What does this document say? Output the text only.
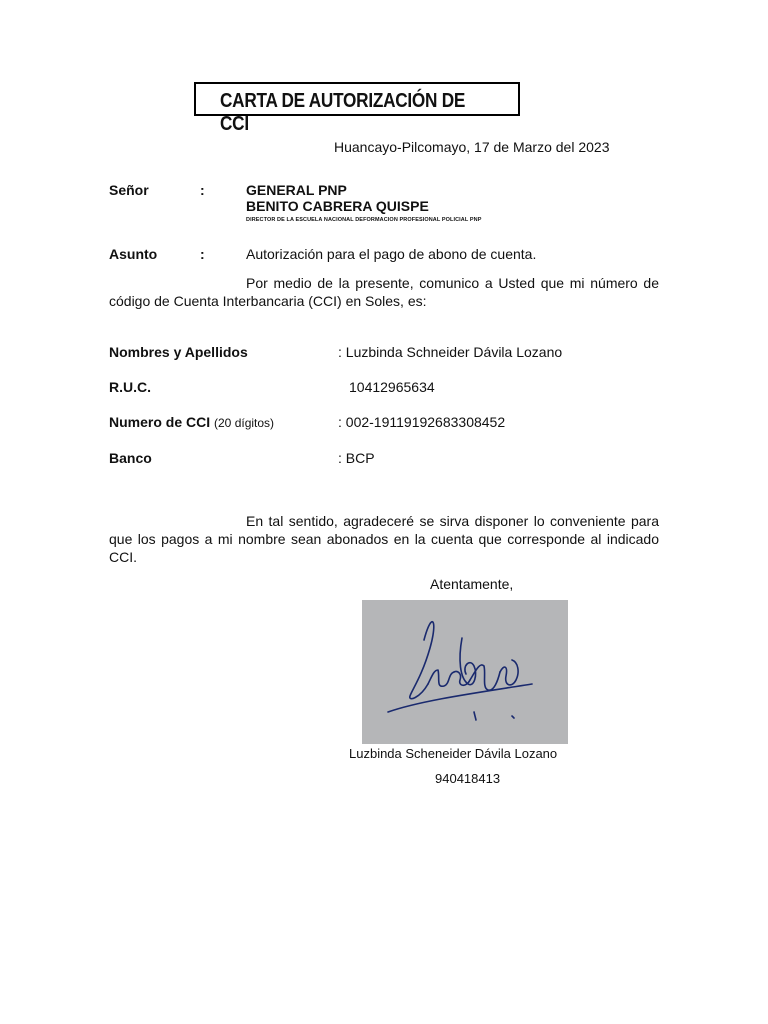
CARTA DE AUTORIZACIÓN DE CCI
Huancayo-Pilcomayo, 17 de Marzo del 2023
Señor	:	GENERAL PNP
BENITO CABRERA QUISPE
DIRECTOR DE LA ESCUELA NACIONAL DEFORMACION PROFESIONAL POLICIAL PNP
Asunto	:	Autorización para el pago de abono de cuenta.
Por medio de la presente, comunico a Usted que mi número de código de Cuenta Interbancaria (CCI) en Soles, es:
Nombres y Apellidos	: Luzbinda Schneider Dávila Lozano
R.U.C.	10412965634
Numero de CCI (20 dígitos)	: 002-19119192683308452
Banco	: BCP
En tal sentido, agradeceré se sirva disponer lo conveniente para que los pagos a mi nombre sean abonados en la cuenta que corresponde al indicado CCI.
Atentamente,
Luzbinda Scheneider Dávila Lozano
940418413
